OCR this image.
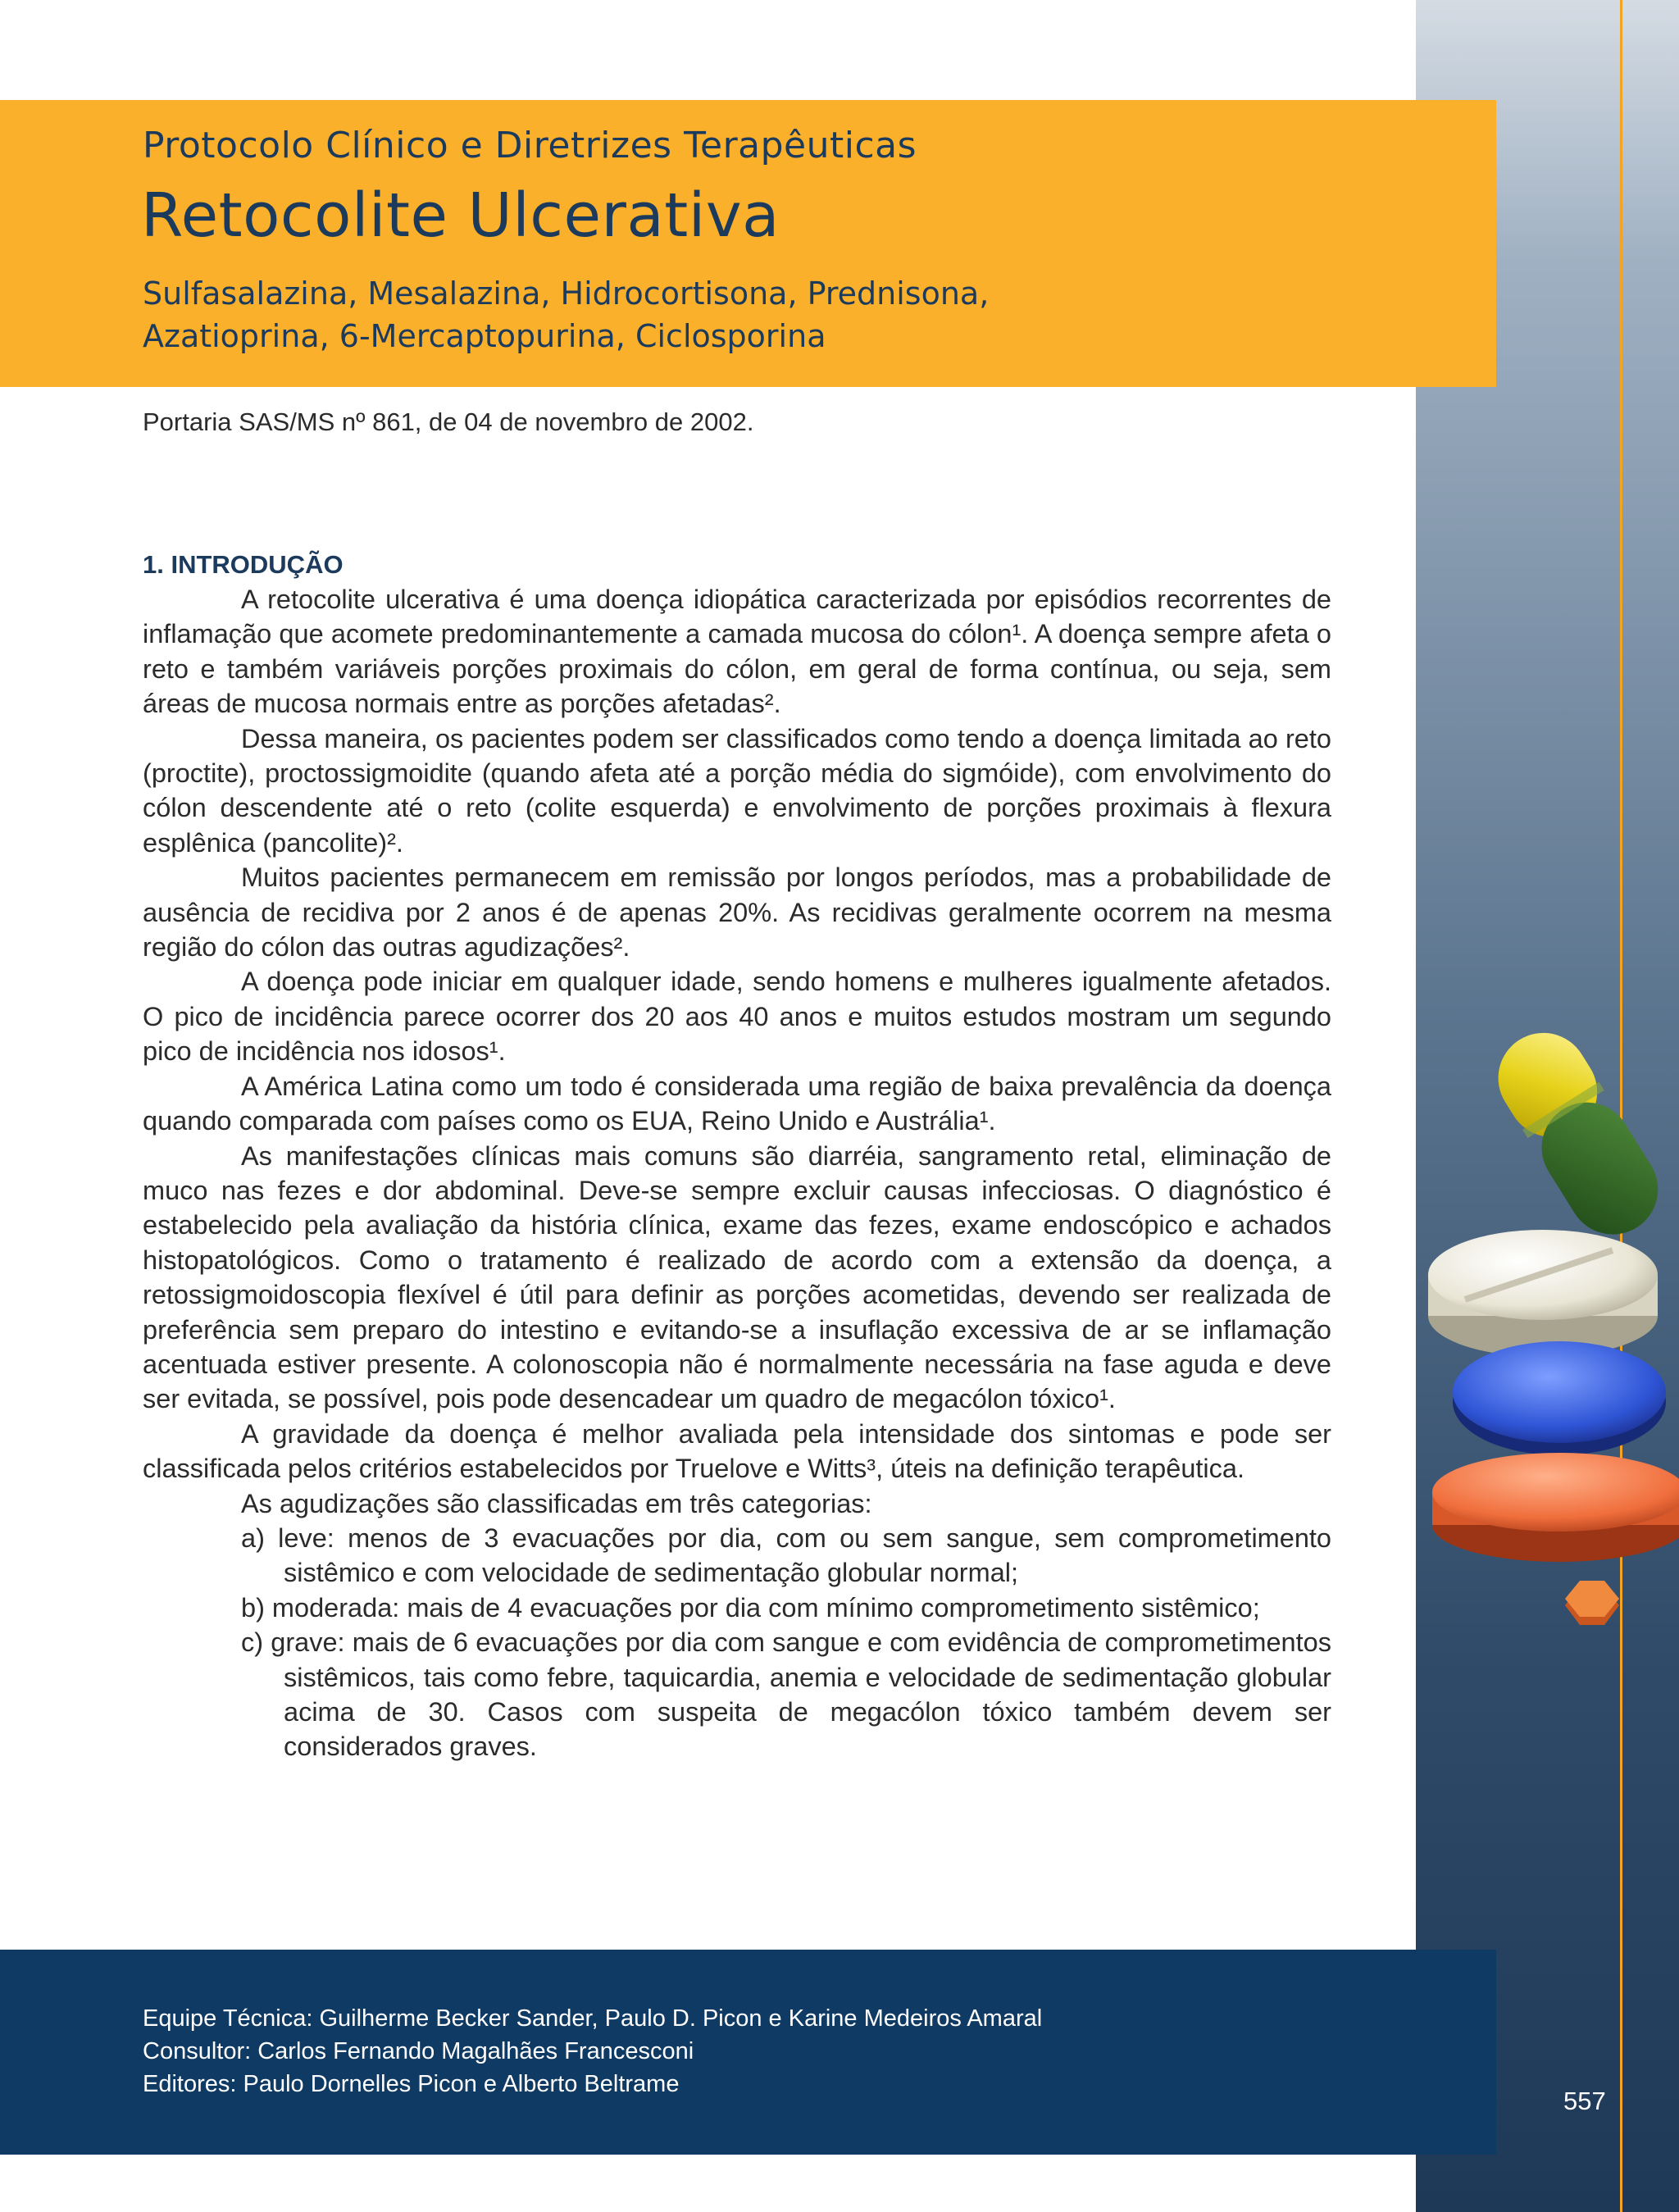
Protocolo Clínico e Diretrizes Terapêuticas
Retocolite Ulcerativa
Sulfasalazina, Mesalazina, Hidrocortisona, Prednisona,
Azatioprina, 6-Mercaptopurina, Ciclosporina

Portaria SAS/MS nº 861, de 04 de novembro de 2002.

1. INTRODUÇÃO

A retocolite ulcerativa é uma doença idiopática caracterizada por episódios recorrentes de inflamação que acomete predominantemente a camada mucosa do cólon¹. A doença sempre afeta o reto e também variáveis porções proximais do cólon, em geral de forma contínua, ou seja, sem áreas de mucosa normais entre as porções afetadas².

Dessa maneira, os pacientes podem ser classificados como tendo a doença limitada ao reto (proctite), proctossigmoidite (quando afeta até a porção média do sigmóide), com envolvimento do cólon descendente até o reto (colite esquerda) e envolvimento de porções proximais à flexura esplênica (pancolite)².

Muitos pacientes permanecem em remissão por longos períodos, mas a probabilidade de ausência de recidiva por 2 anos é de apenas 20%. As recidivas geralmente ocorrem na mesma região do cólon das outras agudizações².

A doença pode iniciar em qualquer idade, sendo homens e mulheres igualmente afetados. O pico de incidência parece ocorrer dos 20 aos 40 anos e muitos estudos mostram um segundo pico de incidência nos idosos¹.

A América Latina como um todo é considerada uma região de baixa prevalência da doença quando comparada com países como os EUA, Reino Unido e Austrália¹.

As manifestações clínicas mais comuns são diarréia, sangramento retal, eliminação de muco nas fezes e dor abdominal. Deve-se sempre excluir causas infecciosas. O diagnóstico é estabelecido pela avaliação da história clínica, exame das fezes, exame endoscópico e achados histopatológicos. Como o tratamento é realizado de acordo com a extensão da doença, a retossigmoidoscopia flexível é útil para definir as porções acometidas, devendo ser realizada de preferência sem preparo do intestino e evitando-se a insuflação excessiva de ar se inflamação acentuada estiver presente. A colonoscopia não é normalmente necessária na fase aguda e deve ser evitada, se possível, pois pode desencadear um quadro de megacólon tóxico¹.

A gravidade da doença é melhor avaliada pela intensidade dos sintomas e pode ser classificada pelos critérios estabelecidos por Truelove e Witts³, úteis na definição terapêutica.

As agudizações são classificadas em três categorias:

a) leve: menos de 3 evacuações por dia, com ou sem sangue, sem comprometimento sistêmico e com velocidade de sedimentação globular normal;
b) moderada: mais de 4 evacuações por dia com mínimo comprometimento sistêmico;
c) grave: mais de 6 evacuações por dia com sangue e com evidência de comprometimentos sistêmicos, tais como febre, taquicardia, anemia e velocidade de sedimentação globular acima de 30. Casos com suspeita de megacólon tóxico também devem ser considerados graves.
Equipe Técnica: Guilherme Becker Sander, Paulo D. Picon e Karine Medeiros Amaral
Consultor: Carlos Fernando Magalhães Francesconi
Editores: Paulo Dornelles Picon e Alberto Beltrame

557
